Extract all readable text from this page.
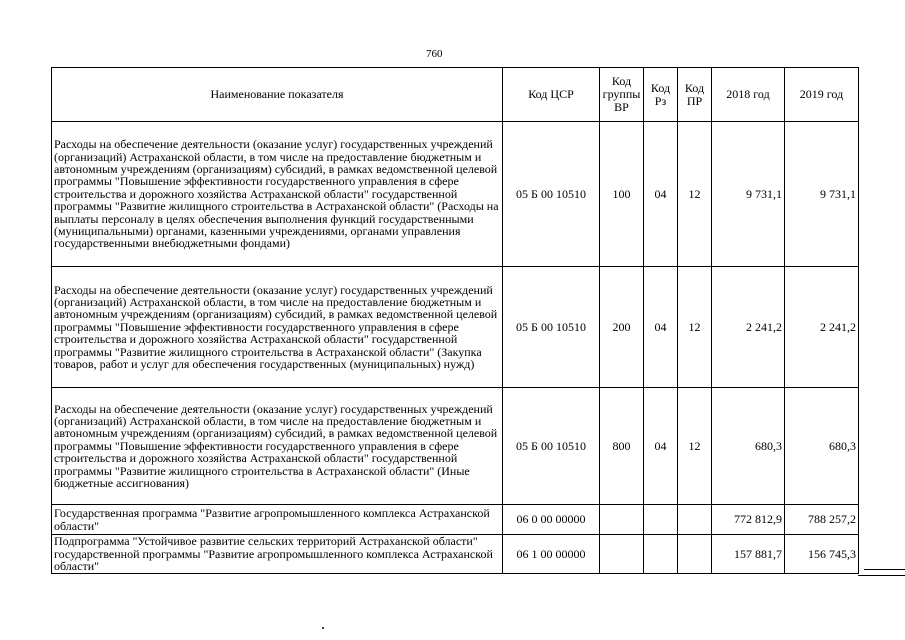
760
Наименование показателя	Код ЦСР	Код группы ВР	Код Рз	Код ПР	2018 год	2019 год
Расходы на обеспечение деятельности (оказание услуг) государственных учреждений (организаций) Астраханской области, в том числе на предоставление бюджетным и автономным учреждениям (организациям) субсидий, в рамках ведомственной целевой программы "Повышение эффективности государственного управления в сфере строительства и дорожного хозяйства Астраханской области" государственной программы "Развитие жилищного строительства в Астраханской области" (Расходы на выплаты персоналу в целях обеспечения выполнения функций государственными (муниципальными) органами, казенными учреждениями, органами управления государственными внебюджетными фондами)	05 Б 00 10510	100	04	12	9 731,1	9 731,1
Расходы на обеспечение деятельности (оказание услуг) государственных учреждений (организаций) Астраханской области, в том числе на предоставление бюджетным и автономным учреждениям (организациям) субсидий, в рамках ведомственной целевой программы "Повышение эффективности государственного управления в сфере строительства и дорожного хозяйства Астраханской области" государственной программы "Развитие жилищного строительства в Астраханской области" (Закупка товаров, работ и услуг для обеспечения государственных (муниципальных) нужд)	05 Б 00 10510	200	04	12	2 241,2	2 241,2
Расходы на обеспечение деятельности (оказание услуг) государственных учреждений (организаций) Астраханской области, в том числе на предоставление бюджетным и автономным учреждениям (организациям) субсидий, в рамках ведомственной целевой программы "Повышение эффективности государственного управления в сфере строительства и дорожного хозяйства Астраханской области" государственной программы "Развитие жилищного строительства в Астраханской области" (Иные бюджетные ассигнования)	05 Б 00 10510	800	04	12	680,3	680,3
Государственная программа "Развитие агропромышленного комплекса Астраханской области"	06 0 00 00000				772 812,9	788 257,2
Подпрограмма "Устойчивое развитие сельских территорий Астраханской области" государственной программы "Развитие агропромышленного комплекса Астраханской области"	06 1 00 00000				157 881,7	156 745,3
